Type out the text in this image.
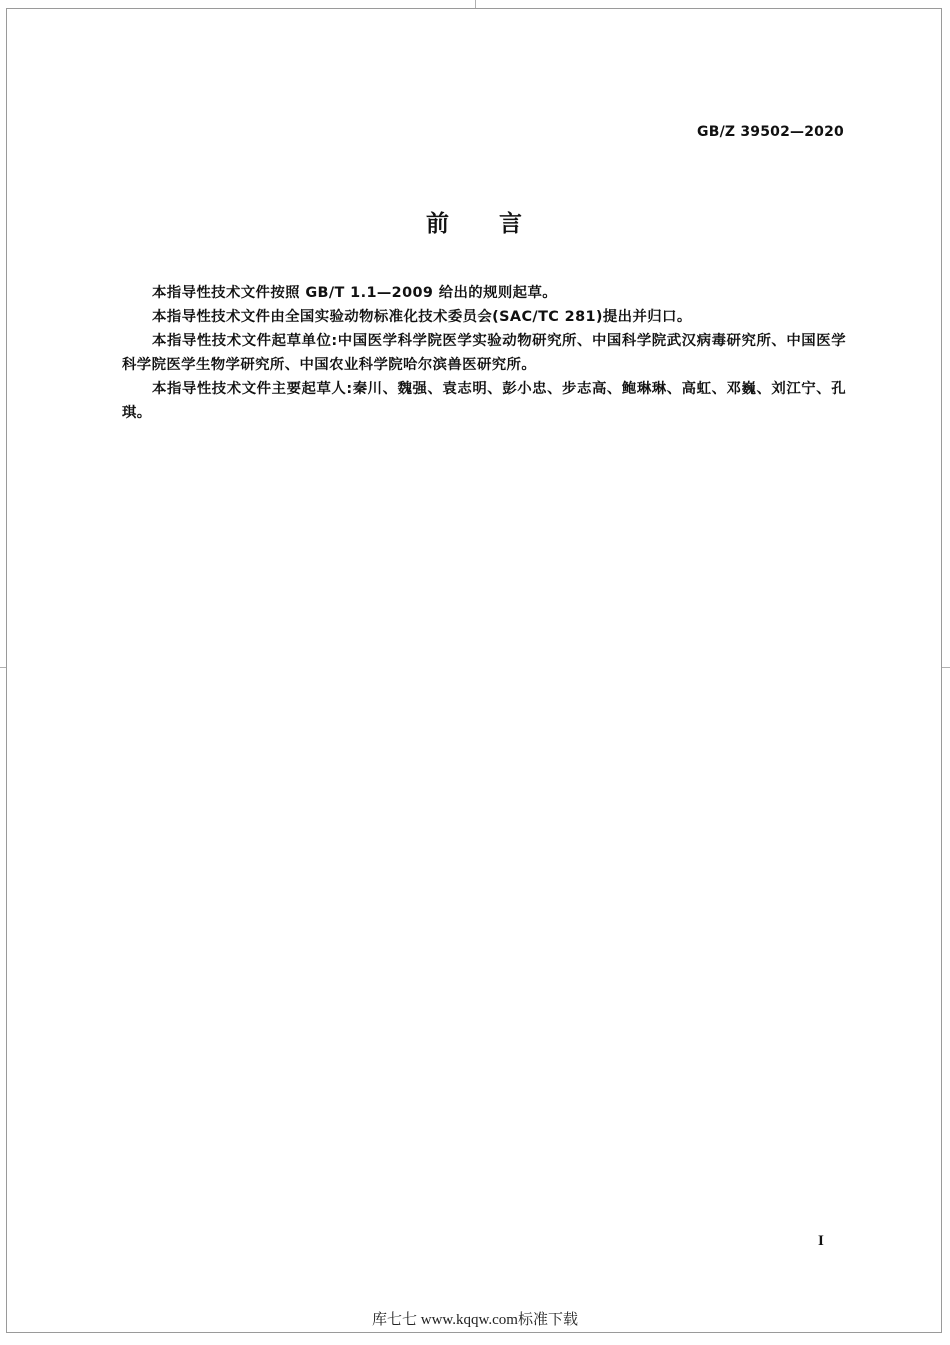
GB/Z 39502—2020
前 言

本指导性技术文件按照 GB/T 1.1—2009 给出的规则起草。

本指导性技术文件由全国实验动物标准化技术委员会(SAC/TC 281)提出并归口。

本指导性技术文件起草单位:中国医学科学院医学实验动物研究所、中国科学院武汉病毒研究所、中国医学科学院医学生物学研究所、中国农业科学院哈尔滨兽医研究所。

本指导性技术文件主要起草人:秦川、魏强、袁志明、彭小忠、步志高、鲍琳琳、高虹、邓巍、刘江宁、孔琪。

I
库七七 www.kqqw.com标准下载
